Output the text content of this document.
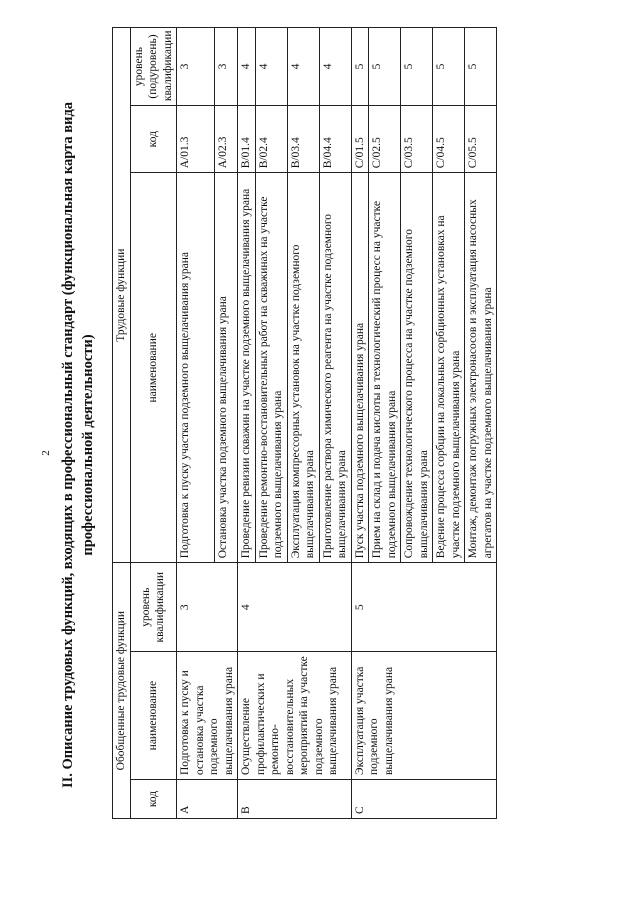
2 II. Описание трудовых функций, входящих в профессиональный стандарт (функциональная карта вида профессиональной деятельности)
Обобщенные трудовые функции			Трудовые функции		
код	наименование	уровень квалификации	наименование	код	уровень (подуровень) квалификации
A	Подготовка к пуску и остановка участка подземного выщелачивания урана	3	Подготовка к пуску участка подземного выщелачивания урана	A/01.3	3
			Остановка участка подземного выщелачивания урана	A/02.3	3
B	Осуществление профилактических и ремонтно-восстановительных мероприятий на участке подземного выщелачивания урана	4	Проведение ревизии скважин на участке подземного выщелачивания урана	B/01.4	4
			Проведение ремонтно-восстановительных работ на скважинах на участке подземного выщелачивания урана	B/02.4	4
			Эксплуатация компрессорных установок на участке подземного выщелачивания урана	B/03.4	4
			Приготовление раствора химического реагента на участке подземного выщелачивания урана	B/04.4	4
C	Эксплуатация участка подземного выщелачивания урана	5	Пуск участка подземного выщелачивания урана	C/01.5	5
			Прием на склад и подача кислоты в технологический процесс на участке подземного выщелачивания урана	C/02.5	5
			Сопровождение технологического процесса на участке подземного выщелачивания урана	C/03.5	5
			Ведение процесса сорбции на локальных сорбционных установках на участке подземного выщелачивания урана	C/04.5	5
			Монтаж, демонтаж погружных электронасосов и эксплуатация насосных агрегатов на участке подземного выщелачивания урана	C/05.5	5
